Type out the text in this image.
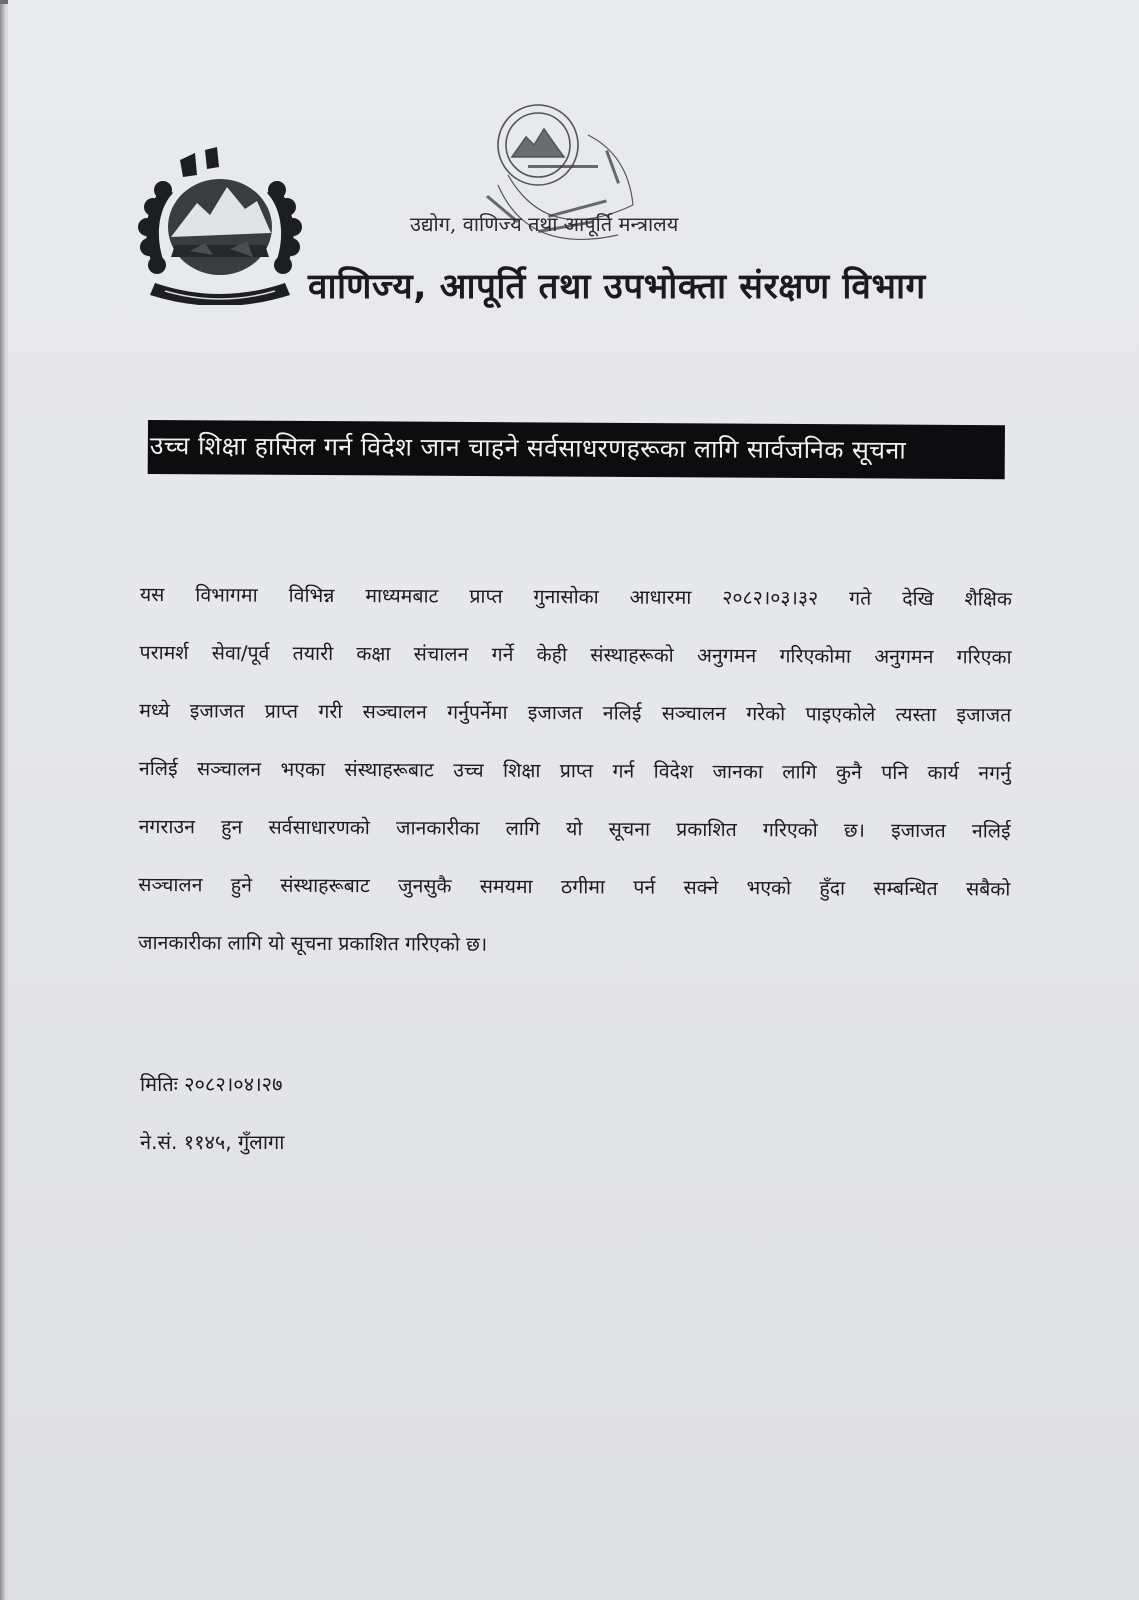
उद्योग, वाणिज्य तथा आपूर्ति मन्त्रालय
वाणिज्य, आपूर्ति तथा उपभोक्ता संरक्षण विभाग
उच्च शिक्षा हासिल गर्न विदेश जान चाहने सर्वसाधरणहरूका लागि सार्वजनिक सूचना
यस विभागमा विभिन्न माध्यमबाट प्राप्त गुनासोका आधारमा २०८२।०३।३२ गते देखि शैक्षिक
परामर्श सेवा/पूर्व तयारी कक्षा संचालन गर्ने केही संस्थाहरूको अनुगमन गरिएकोमा अनुगमन गरिएका
मध्ये इजाजत प्राप्त गरी सञ्चालन गर्नुपर्नेमा इजाजत नलिई सञ्चालन गरेको पाइएकोले त्यस्ता इजाजत
नलिई सञ्चालन भएका संस्थाहरूबाट उच्च शिक्षा प्राप्त गर्न विदेश जानका लागि कुनै पनि कार्य नगर्नु
नगराउन हुन सर्वसाधारणको जानकारीका लागि यो सूचना प्रकाशित गरिएको छ। इजाजत नलिई
सञ्चालन हुने संस्थाहरूबाट जुनसुकै समयमा ठगीमा पर्न सक्ने भएको हुँदा सम्बन्धित सबैको
जानकारीका लागि यो सूचना प्रकाशित गरिएको छ।
मितिः २०८२।०४।२७
ने.सं. ११४५, गुँलागा
